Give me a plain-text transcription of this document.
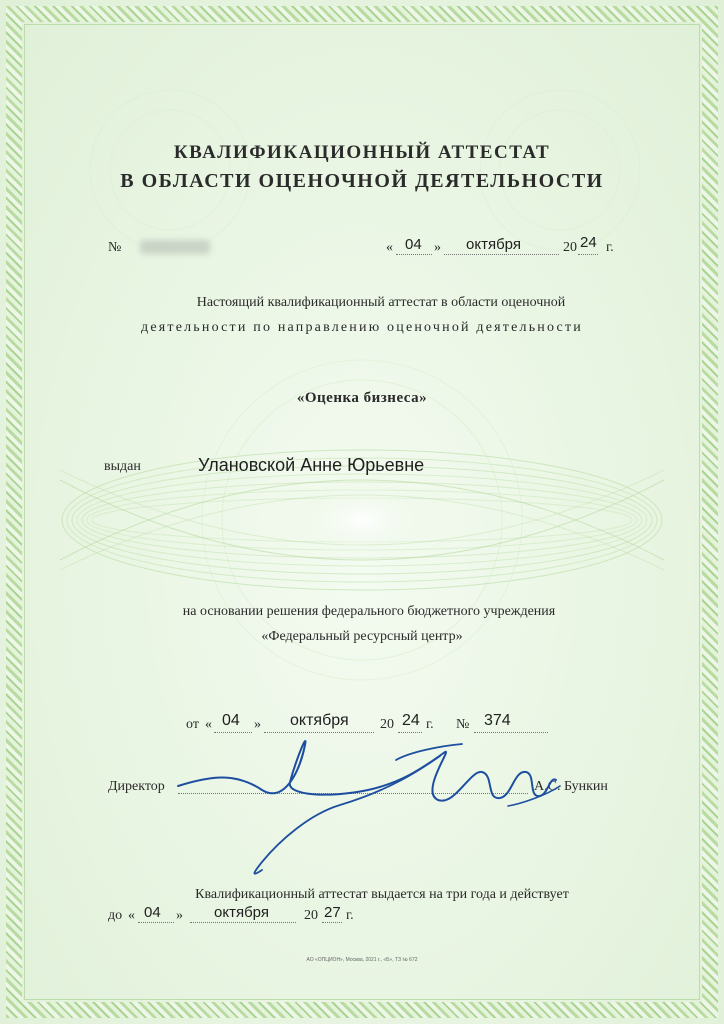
КВАЛИФИКАЦИОННЫЙ АТТЕСТАТ
В ОБЛАСТИ ОЦЕНОЧНОЙ ДЕЯТЕЛЬНОСТИ
№	« 04 » октября	20 24 г.
Настоящий квалификационный аттестат в области оценочной
деятельности по направлению оценочной деятельности
«Оценка бизнеса»
выдан	Улановской Анне Юрьевне
на основании решения федерального бюджетного учреждения
«Федеральный ресурсный центр»
от « 04 » октября 20 24 г. № 374
Директор	А.С. Бункин
Квалификационный аттестат выдается на три года и действует
до « 04 » октября	20 27 г.
АО «ОПЦИОН», Москва, 2021 г., «Б», ТЗ № 672
